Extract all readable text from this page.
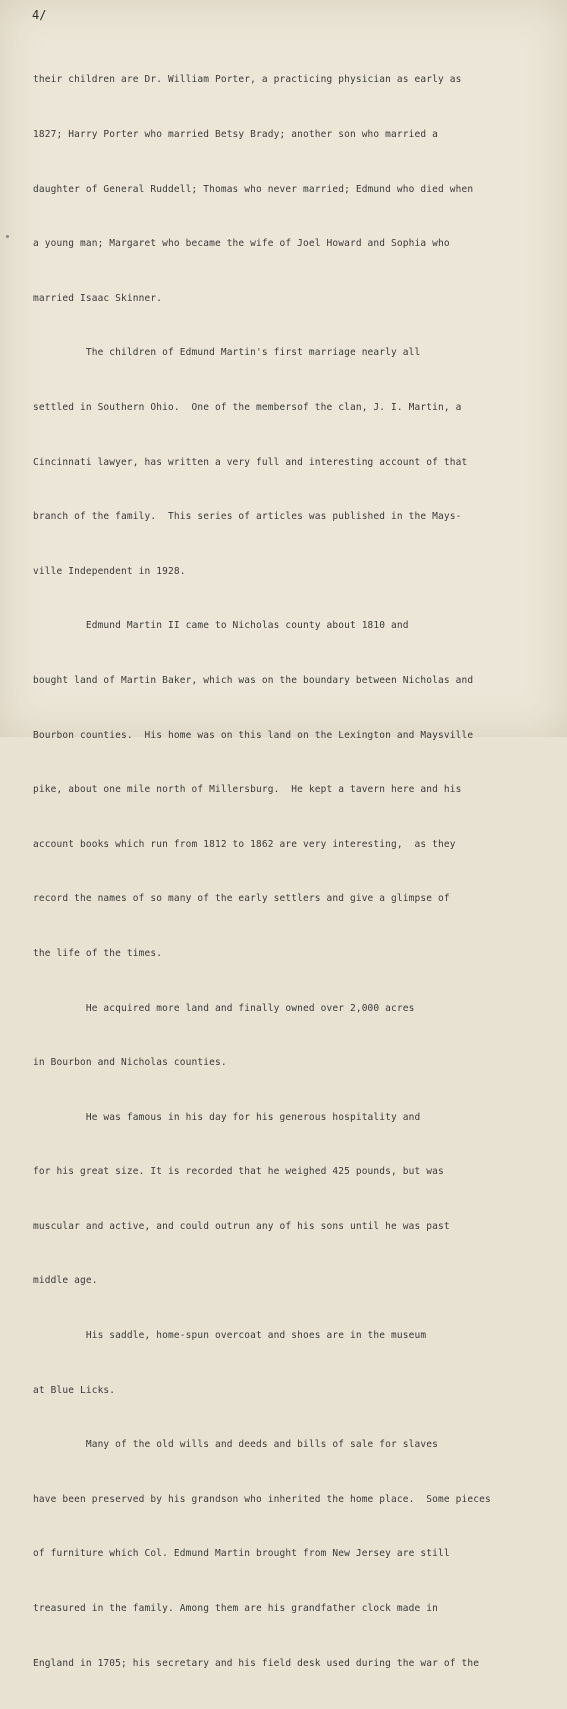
4/

their children are Dr. William Porter, a practicing physician as early as

1827; Harry Porter who married Betsy Brady; another son who married a

daughter of General Ruddell; Thomas who never married; Edmund who died when

a young man; Margaret who became the wife of Joel Howard and Sophia who

married Isaac Skinner.

The children of Edmund Martin's first marriage nearly all

settled in Southern Ohio.  One of the membersof the clan, J. I. Martin, a

Cincinnati lawyer, has written a very full and interesting account of that

branch of the family.  This series of articles was published in the Mays-

ville Independent in 1928.

Edmund Martin II came to Nicholas county about 1810 and

bought land of Martin Baker, which was on the boundary between Nicholas and

Bourbon counties.  His home was on this land on the Lexington and Maysville

pike, about one mile north of Millersburg.  He kept a tavern here and his

account books which run from 1812 to 1862 are very interesting,  as they

record the names of so many of the early settlers and give a glimpse of

the life of the times.

He acquired more land and finally owned over 2,000 acres

in Bourbon and Nicholas counties.

He was famous in his day for his generous hospitality and

for his great size. It is recorded that he weighed 425 pounds, but was

muscular and active, and could outrun any of his sons until he was past

middle age.

His saddle, home-spun overcoat and shoes are in the museum

at Blue Licks.

Many of the old wills and deeds and bills of sale for slaves

have been preserved by his grandson who inherited the home place.  Some pieces

of furniture which Col. Edmund Martin brought from New Jersey are still

treasured in the family. Among them are his grandfather clock made in

England in 1705; his secretary and his field desk used during the war of the
